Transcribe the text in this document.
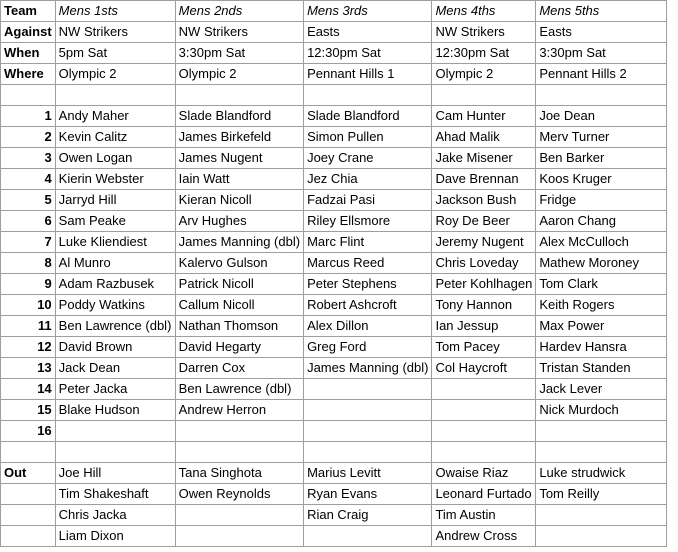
Team	Mens 1sts	Mens 2nds	Mens 3rds	Mens 4ths	Mens 5ths
Against	NW Strikers	NW Strikers	Easts	NW Strikers	Easts
When	5pm Sat	3:30pm Sat	12:30pm Sat	12:30pm Sat	3:30pm Sat
Where	Olympic 2	Olympic 2	Pennant Hills 1	Olympic 2	Pennant Hills 2

1	Andy Maher	Slade Blandford	Slade Blandford	Cam Hunter	Joe Dean
2	Kevin Calitz	James Birkefeld	Simon Pullen	Ahad Malik	Merv Turner
3	Owen Logan	James Nugent	Joey Crane	Jake Misener	Ben Barker
4	Kierin Webster	Iain Watt	Jez Chia	Dave Brennan	Koos Kruger
5	Jarryd Hill	Kieran Nicoll	Fadzai Pasi	Jackson Bush	Fridge
6	Sam Peake	Arv Hughes	Riley Ellsmore	Roy De Beer	Aaron Chang
7	Luke Kliendiest	James Manning (dbl)	Marc Flint	Jeremy Nugent	Alex McCulloch
8	Al Munro	Kalervo Gulson	Marcus Reed	Chris Loveday	Mathew Moroney
9	Adam Razbusek	Patrick Nicoll	Peter Stephens	Peter Kohlhagen	Tom Clark
10	Poddy Watkins	Callum Nicoll	Robert Ashcroft	Tony Hannon	Keith Rogers
11	Ben Lawrence (dbl)	Nathan Thomson	Alex Dillon	Ian Jessup	Max Power
12	David Brown	David Hegarty	Greg Ford	Tom Pacey	Hardev Hansra
13	Jack Dean	Darren Cox	James Manning (dbl)	Col Haycroft	Tristan Standen
14	Peter Jacka	Ben Lawrence (dbl)			Jack Lever
15	Blake Hudson	Andrew Herron			Nick Murdoch
16					

Out	Joe Hill	Tana Singhota	Marius Levitt	Owaise Riaz	Luke strudwick
	Tim Shakeshaft	Owen Reynolds	Ryan Evans	Leonard Furtado	Tom Reilly
	Chris Jacka		Rian Craig	Tim Austin	
	Liam Dixon			Andrew Cross	
